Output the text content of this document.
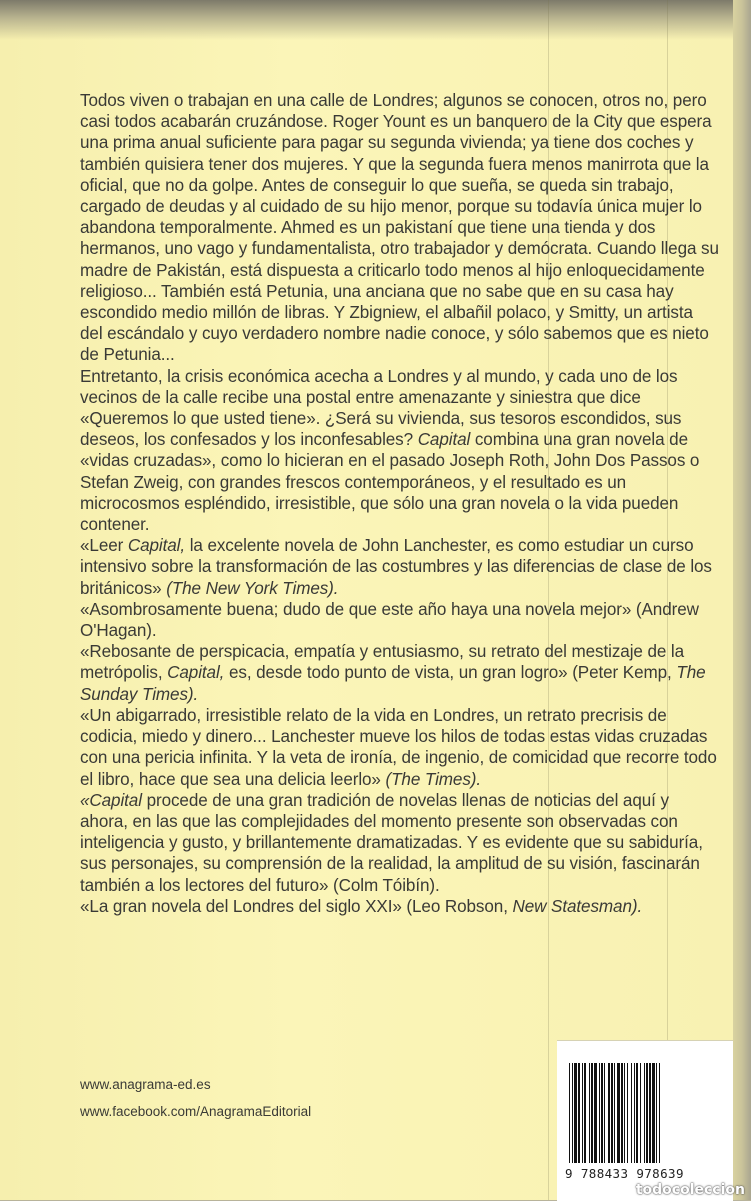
Todos viven o trabajan en una calle de Londres; algunos se conocen, otros no, pero casi todos acabarán cruzándose. Roger Yount es un banquero de la City que espera una prima anual suficiente para pagar su segunda vivienda; ya tiene dos coches y también quisiera tener dos mujeres. Y que la segunda fuera menos manirrota que la oficial, que no da golpe. Antes de conseguir lo que sueña, se queda sin trabajo, cargado de deudas y al cuidado de su hijo menor, porque su todavía única mujer lo abandona temporalmente. Ahmed es un pakistaní que tiene una tienda y dos hermanos, uno vago y fundamentalista, otro trabajador y demócrata. Cuando llega su madre de Pakistán, está dispuesta a criticarlo todo menos al hijo enloquecidamente religioso... También está Petunia, una anciana que no sabe que en su casa hay escondido medio millón de libras. Y Zbigniew, el albañil polaco, y Smitty, un artista del escándalo y cuyo verdadero nombre nadie conoce, y sólo sabemos que es nieto de Petunia...

Entretanto, la crisis económica acecha a Londres y al mundo, y cada uno de los vecinos de la calle recibe una postal entre amenazante y siniestra que dice «Queremos lo que usted tiene». ¿Será su vivienda, sus tesoros escondidos, sus deseos, los confesados y los inconfesables? Capital combina una gran novela de «vidas cruzadas», como lo hicieran en el pasado Joseph Roth, John Dos Passos o Stefan Zweig, con grandes frescos contemporáneos, y el resultado es un microcosmos espléndido, irresistible, que sólo una gran novela o la vida pueden contener.

«Leer Capital, la excelente novela de John Lanchester, es como estudiar un curso intensivo sobre la transformación de las costumbres y las diferencias de clase de los británicos» (The New York Times).

«Asombrosamente buena; dudo de que este año haya una novela mejor» (Andrew O'Hagan).

«Rebosante de perspicacia, empatía y entusiasmo, su retrato del mestizaje de la metrópolis, Capital, es, desde todo punto de vista, un gran logro» (Peter Kemp, The Sunday Times).

«Un abigarrado, irresistible relato de la vida en Londres, un retrato precrisis de codicia, miedo y dinero... Lanchester mueve los hilos de todas estas vidas cruzadas con una pericia infinita. Y la veta de ironía, de ingenio, de comicidad que recorre todo el libro, hace que sea una delicia leerlo» (The Times).

«Capital procede de una gran tradición de novelas llenas de noticias del aquí y ahora, en las que las complejidades del momento presente son observadas con inteligencia y gusto, y brillantemente dramatizadas. Y es evidente que su sabiduría, sus personajes, su comprensión de la realidad, la amplitud de su visión, fascinarán también a los lectores del futuro» (Colm Tóibín).

«La gran novela del Londres del siglo XXI» (Leo Robson, New Statesman).

www.anagrama-ed.es
www.facebook.com/AnagramaEditorial
9 788433 978639
todocoleccion
